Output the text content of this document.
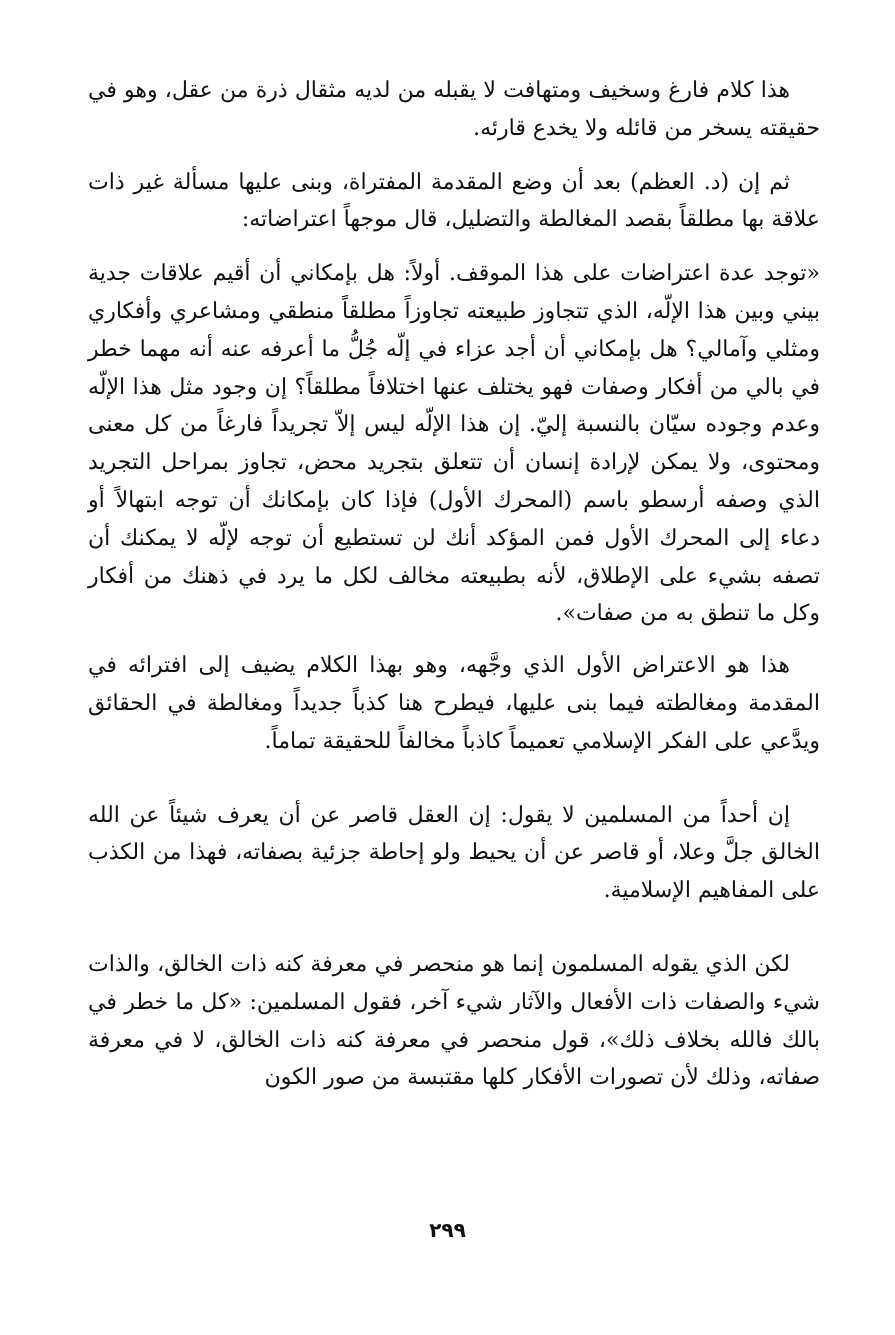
هذا كلام فارغ وسخيف ومتهافت لا يقبله من لديه مثقال ذرة من عقل، وهو في حقيقته يسخر من قائله ولا يخدع قارئه.

ثم إن (د. العظم) بعد أن وضع المقدمة المفتراة، وبنى عليها مسألة غير ذات علاقة بها مطلقاً بقصد المغالطة والتضليل، قال موجهاً اعتراضاته:

«توجد عدة اعتراضات على هذا الموقف. أولاً: هل بإمكاني أن أقيم علاقات جدية بيني وبين هذا الإلّه، الذي تتجاوز طبيعته تجاوزاً مطلقاً منطقي ومشاعري وأفكاري ومثلي وآمالي؟ هل بإمكاني أن أجد عزاء في إلّه جُلُّ ما أعرفه عنه أنه مهما خطر في بالي من أفكار وصفات فهو يختلف عنها اختلافاً مطلقاً؟ إن وجود مثل هذا الإلّه وعدم وجوده سيّان بالنسبة إليّ. إن هذا الإلّه ليس إلاّ تجريداً فارغاً من كل معنى ومحتوى، ولا يمكن لإرادة إنسان أن تتعلق بتجريد محض، تجاوز بمراحل التجريد الذي وصفه أرسطو باسم (المحرك الأول) فإذا كان بإمكانك أن توجه ابتهالاً أو دعاء إلى المحرك الأول فمن المؤكد أنك لن تستطيع أن توجه لإلّه لا يمكنك أن تصفه بشيء على الإطلاق، لأنه بطبيعته مخالف لكل ما يرد في ذهنك من أفكار وكل ما تنطق به من صفات».

هذا هو الاعتراض الأول الذي وجَّهه، وهو بهذا الكلام يضيف إلى افترائه في المقدمة ومغالطته فيما بنى عليها، فيطرح هنا كذباً جديداً ومغالطة في الحقائق ويدَّعي على الفكر الإسلامي تعميماً كاذباً مخالفاً للحقيقة تماماً.

إن أحداً من المسلمين لا يقول: إن العقل قاصر عن أن يعرف شيئاً عن الله الخالق جلَّ وعلا، أو قاصر عن أن يحيط ولو إحاطة جزئية بصفاته، فهذا من الكذب على المفاهيم الإسلامية.

لكن الذي يقوله المسلمون إنما هو منحصر في معرفة كنه ذات الخالق، والذات شيء والصفات ذات الأفعال والآثار شيء آخر، فقول المسلمين: «كل ما خطر في بالك فالله بخلاف ذلك»، قول منحصر في معرفة كنه ذات الخالق، لا في معرفة صفاته، وذلك لأن تصورات الأفكار كلها مقتبسة من صور الكون

٢٩٩
